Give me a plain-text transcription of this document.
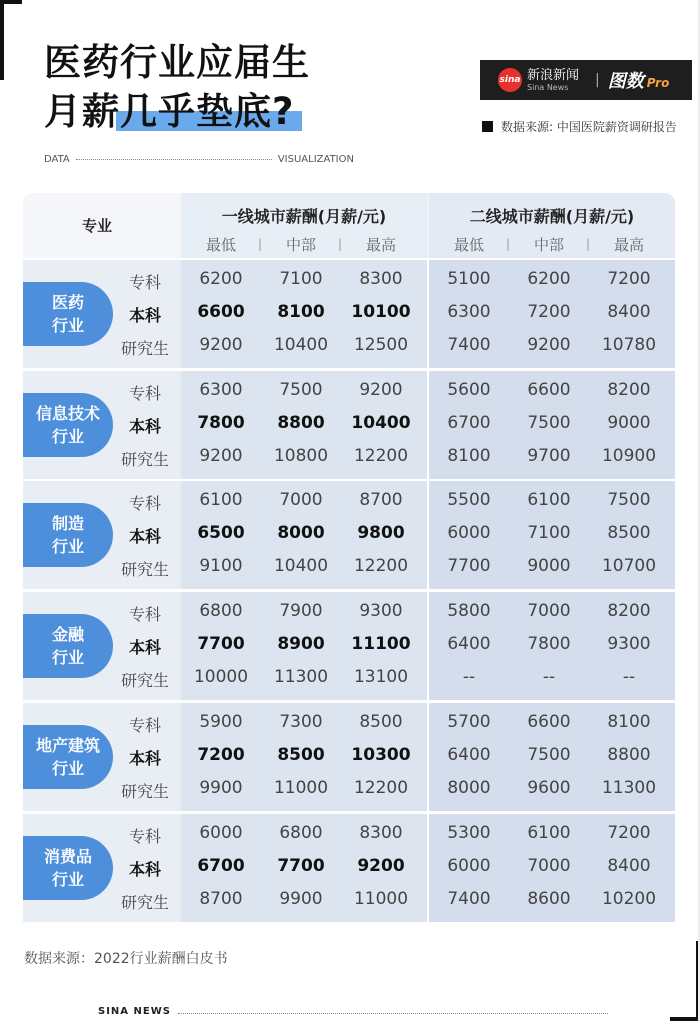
医药行业应届生
月薪几乎垫底?
sina 新浪新闻
Sina News	| 图数 Pro
数据来源: 中国医院薪资调研报告
DATA	VISUALIZATION
专业	一线城市薪酬(月薪/元)	二线城市薪酬(月薪/元)
最低	中部	最高	最低	中部	最高
|	|	|	|
医药
行业
专科	6200	7100	8300	5100	6200	7200
本科	6600	8100	10100	6300	7200	8400
研究生	9200	10400	12500	7400	9200	10780
信息技术
行业
专科	6300	7500	9200	5600	6600	8200
本科	7800	8800	10400	6700	7500	9000
研究生	9200	10800	12200	8100	9700	10900
制造
行业
专科	6100	7000	8700	5500	6100	7500
本科	6500	8000	9800	6000	7100	8500
研究生	9100	10400	12200	7700	9000	10700
金融
行业
专科	6800	7900	9300	5800	7000	8200
本科	7700	8900	11100	6400	7800	9300
研究生	10000	11300	13100	--	--	--
地产建筑
行业
专科	5900	7300	8500	5700	6600	8100
本科	7200	8500	10300	6400	7500	8800
研究生	9900	11000	12200	8000	9600	11300
消费品
行业
专科	6000	6800	8300	5300	6100	7200
本科	6700	7700	9200	6000	7000	8400
研究生	8700	9900	11000	7400	8600	10200
数据来源：2022行业薪酬白皮书
SINA NEWS
